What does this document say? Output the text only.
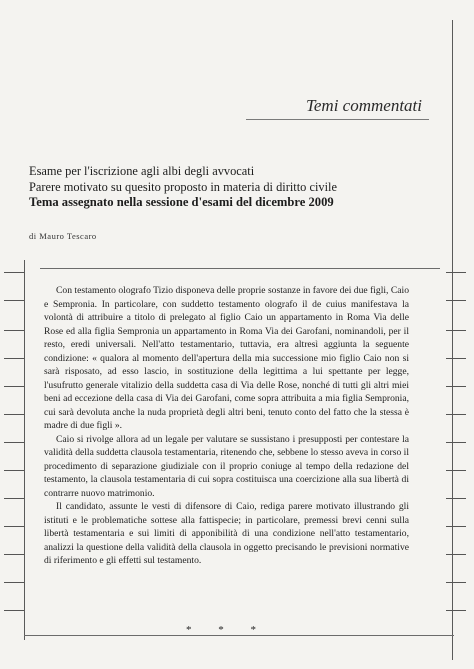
Temi commentati
Esame per l'iscrizione agli albi degli avvocati
Parere motivato su quesito proposto in materia di diritto civile
Tema assegnato nella sessione d'esami del dicembre 2009
di Mauro Tescaro

Con testamento olografo Tizio disponeva delle proprie sostanze in favore dei due figli, Caio e Sempronia. In particolare, con suddetto testamento olografo il de cuius manifestava la volontà di attribuire a titolo di prelegato al figlio Caio un appartamento in Roma Via delle Rose ed alla figlia Sempronia un appartamento in Roma Via dei Garofani, nominandoli, per il resto, eredi universali. Nell'atto testamentario, tuttavia, era altresì aggiunta la seguente condizione: « qualora al momento dell'apertura della mia successione mio figlio Caio non si sarà risposato, ad esso lascio, in sostituzione della legittima a lui spettante per legge, l'usufrutto generale vitalizio della suddetta casa di Via delle Rose, nonché di tutti gli altri miei beni ad eccezione della casa di Via dei Garofani, come sopra attribuita a mia figlia Sempronia, cui sarà devoluta anche la nuda proprietà degli altri beni, tenuto conto del fatto che la stessa è madre di due figli ».

Caio si rivolge allora ad un legale per valutare se sussistano i presupposti per contestare la validità della suddetta clausola testamentaria, ritenendo che, sebbene lo stesso aveva in corso il procedimento di separazione giudiziale con il proprio coniuge al tempo della redazione del testamento, la clausola testamentaria di cui sopra costituisca una coercizione alla sua libertà di contrarre nuovo matrimonio.

Il candidato, assunte le vesti di difensore di Caio, rediga parere motivato illustrando gli istituti e le problematiche sottese alla fattispecie; in particolare, premessi brevi cenni sulla libertà testamentaria e sui limiti di apponibilità di una condizione nell'atto testamentario, analizzi la questione della validità della clausola in oggetto precisando le previsioni normative di riferimento e gli effetti sul testamento.

* * *
